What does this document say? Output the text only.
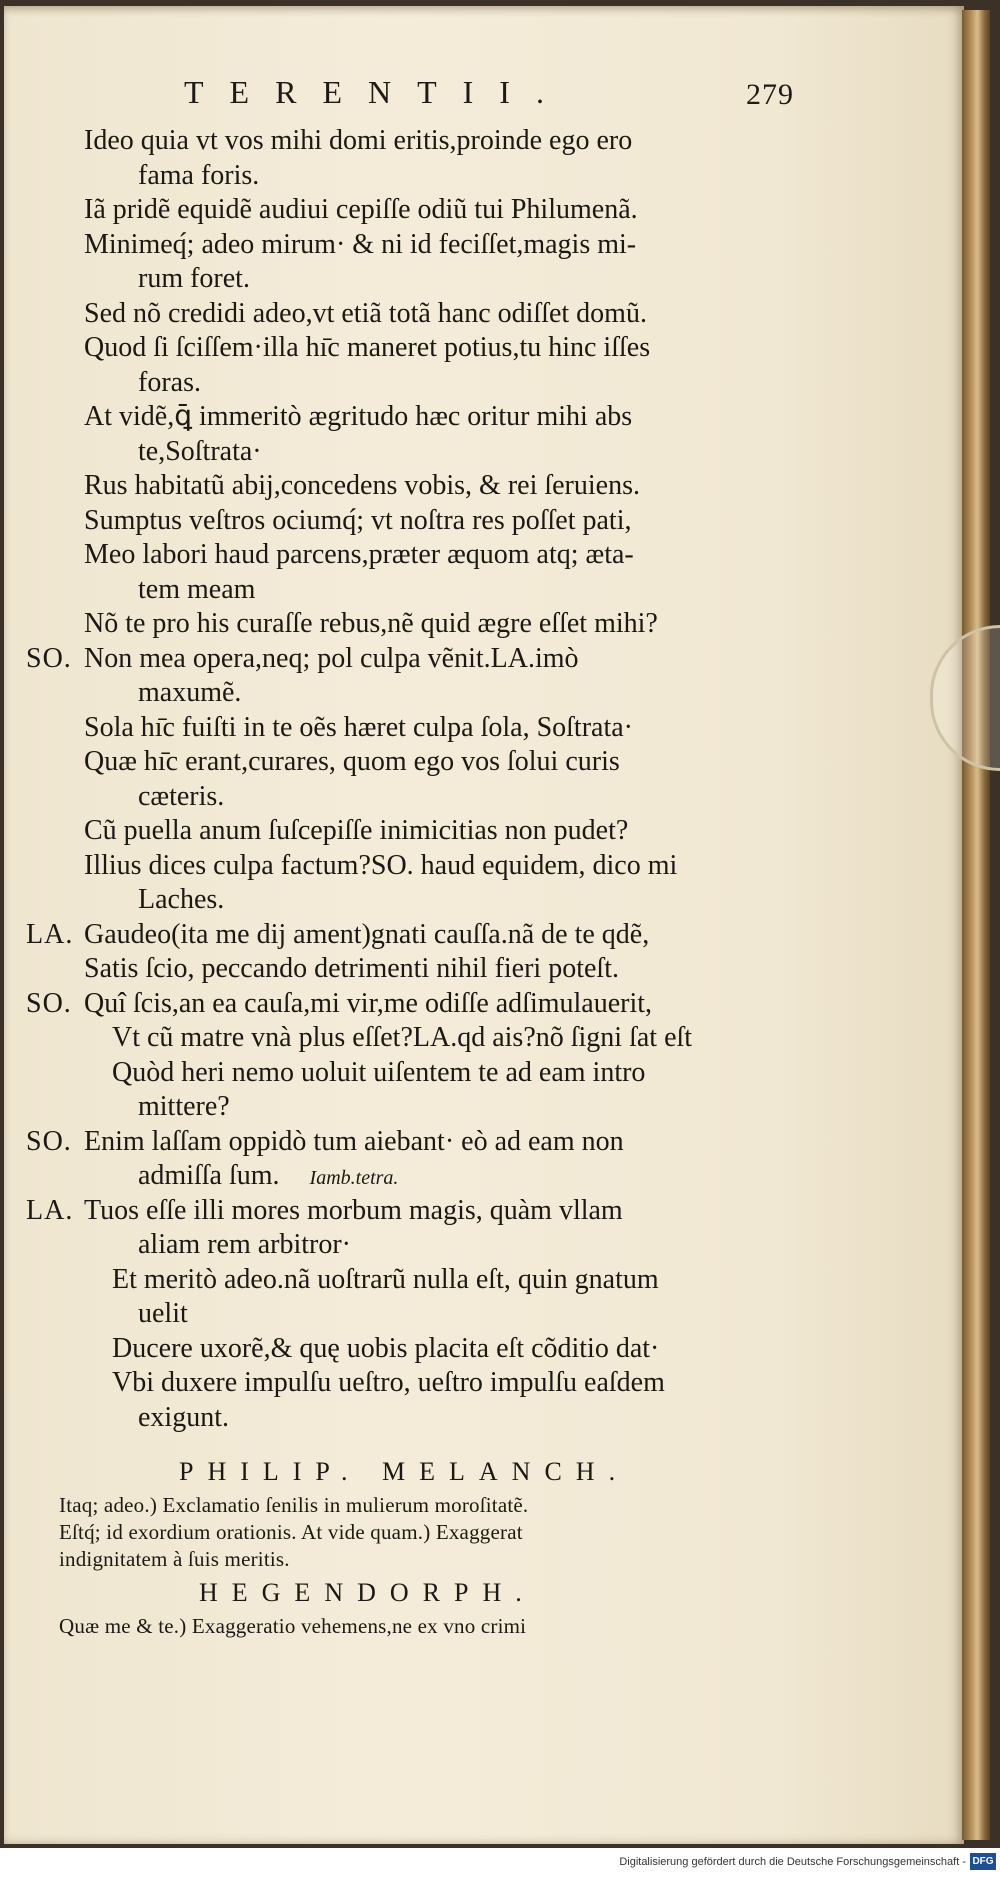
TERENTII.	279
Ideo quia vt vos mihi domi eritis,proinde ego ero
fama foris.
Iã pridẽ equidẽ audiui cepiſſe odiũ tui Philumenã.
Minimeq́; adeo mirum· & ni id feciſſet,magis mi-
rum foret.
Sed nõ credidi adeo,vt etiã totã hanc odiſſet domũ.
Quod ſi ſciſſem·illa hı̄c maneret potius,tu hinc iſſes
foras.
At vidẽ,ꝗ̄ immeritò ægritudo hæc oritur mihi abs
te,Soſtrata·
Rus habitatũ abij,concedens vobis, & rei ſeruiens.
Sumptus veſtros ociumq́; vt noſtra res poſſet pati,
Meo labori haud parcens,præter æquom atq; æta-
tem meam
Nõ te pro his curaſſe rebus,nẽ quid ægre eſſet mihi?
SO. Non mea opera,neq; pol culpa vẽnit.LA.imò
maxumẽ.
Sola hı̄c fuiſti in te oẽs hæret culpa ſola, Soſtrata·
Quæ hı̄c erant,curares, quom ego vos ſolui curis
cæteris.
Cũ puella anum ſuſcepiſſe inimicitias non pudet?
Illius dices culpa factum?SO. haud equidem, dico mi
Laches.
LA. Gaudeo(ita me dij ament)gnati cauſſa.nã de te qdẽ,
Satis ſcio, peccando detrimenti nihil fieri poteſt.
SO. Quî ſcis,an ea cauſa,mi vir,me odiſſe adſimulauerit,
Vt cũ matre vnà plus eſſet?LA.qd ais?nõ ſigni ſat eſt
Quòd heri nemo uoluit uiſentem te ad eam intro
mittere?
SO. Enim laſſam oppidò tum aiebant· eò ad eam non
admiſſa ſum. Iamb.tetra.
LA. Tuos eſſe illi mores morbum magis, quàm vllam
aliam rem arbitror·
Et meritò adeo.nã uoſtrarũ nulla eſt, quin gnatum
uelit
Ducere uxorẽ,& quę uobis placita eſt cõditio dat·
Vbi duxere impulſu ueſtro, ueſtro impulſu eaſdem
exigunt.
PHILIP. MELANCH.
Itaq; adeo.) Exclamatio ſenilis in mulierum moroſitatẽ.
Eſtq́; id exordium orationis. At vide quam.) Exaggerat
indignitatem à ſuis meritis.
HEGENDORPH.
Quæ me & te.) Exaggeratio vehemens,ne ex vno crimi
Digitalisierung gefördert durch die Deutsche Forschungsgemeinschaft - DFG
